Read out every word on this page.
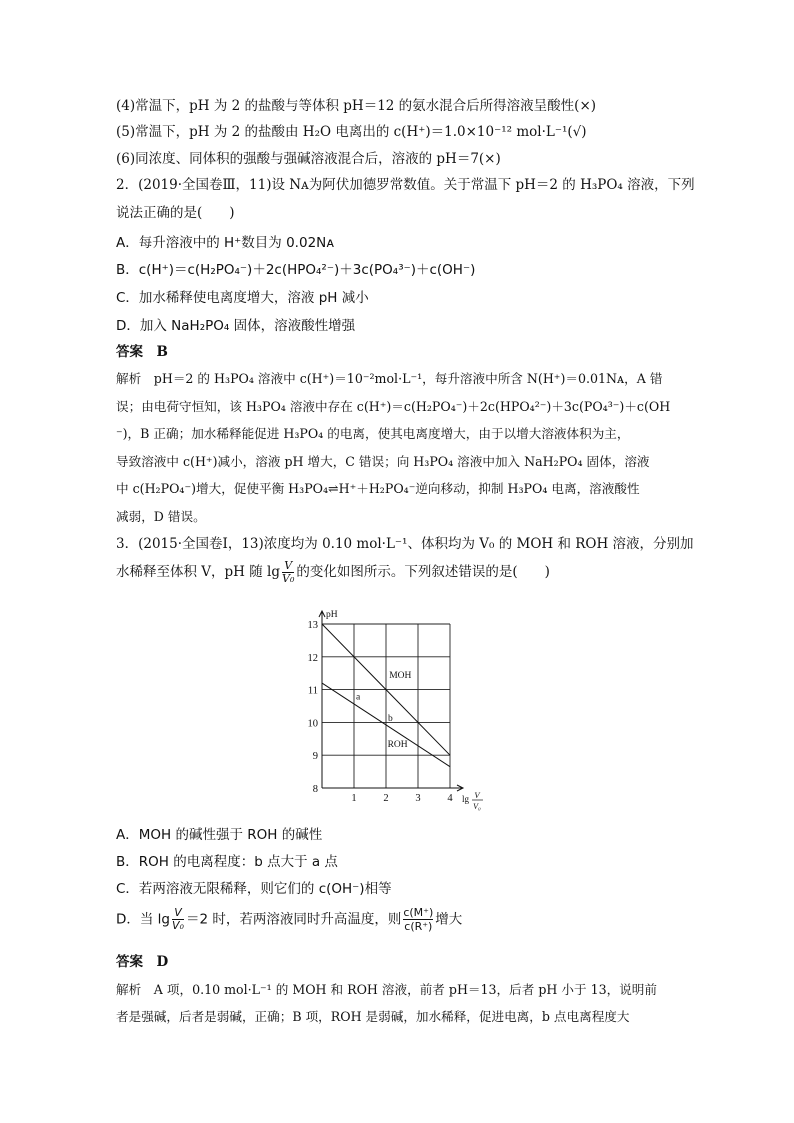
(4)常温下，pH 为 2 的盐酸与等体积 pH＝12 的氨水混合后所得溶液呈酸性(×)
(5)常温下，pH 为 2 的盐酸由 H₂O 电离出的 c(H⁺)＝1.0×10⁻¹² mol·L⁻¹(√)
(6)同浓度、同体积的强酸与强碱溶液混合后，溶液的 pH＝7(×)
2．(2019·全国卷Ⅲ，11)设 Nᴀ为阿伏加德罗常数值。关于常温下 pH＝2 的 H₃PO₄ 溶液，下列
说法正确的是(　　)
A．每升溶液中的 H⁺数目为 0.02Nᴀ
B．c(H⁺)＝c(H₂PO₄⁻)＋2c(HPO₄²⁻)＋3c(PO₄³⁻)＋c(OH⁻)
C．加水稀释使电离度增大，溶液 pH 减小
D．加入 NaH₂PO₄ 固体，溶液酸性增强
答案　B
解析　pH＝2 的 H₃PO₄ 溶液中 c(H⁺)＝10⁻²mol·L⁻¹，每升溶液中所含 N(H⁺)＝0.01Nᴀ，A 错
误；由电荷守恒知，该 H₃PO₄ 溶液中存在 c(H⁺)＝c(H₂PO₄⁻)＋2c(HPO₄²⁻)＋3c(PO₄³⁻)＋c(OH
⁻)，B 正确；加水稀释能促进 H₃PO₄ 的电离，使其电离度增大，由于以增大溶液体积为主，
导致溶液中 c(H⁺)减小，溶液 pH 增大，C 错误；向 H₃PO₄ 溶液中加入 NaH₂PO₄ 固体，溶液
中 c(H₂PO₄⁻)增大，促使平衡 H₃PO₄⇌H⁺＋H₂PO₄⁻逆向移动，抑制 H₃PO₄ 电离，溶液酸性
减弱，D 错误。
3．(2015·全国卷Ⅰ，13)浓度均为 0.10 mol·L⁻¹、体积均为 V₀ 的 MOH 和 ROH 溶液，分别加
水稀释至体积 V，pH 随 $\lg \frac{V}{\text{V₀}}$ 的变化如图所示。下列叙述错误的是(　　)
8
9
10
11
12
13
1	2	3	4
pH
lg V
V₀
MOH
ROH
a
b
A．MOH 的碱性强于 ROH 的碱性
B．ROH 的电离程度：b 点大于 a 点
C．若两溶液无限稀释，则它们的 c(OH⁻)相等
D．当 $\lg \frac{V}{\text{V₀}} =2$ 时，若两溶液同时升高温度，则 $\frac{c(M^+)}{c(R^+)}$ 增大
答案　D
解析　A 项，0.10 mol·L⁻¹ 的 MOH 和 ROH 溶液，前者 pH＝13，后者 pH 小于 13，说明前
者是强碱，后者是弱碱，正确；B 项，ROH 是弱碱，加水稀释，促进电离，b 点电离程度大
